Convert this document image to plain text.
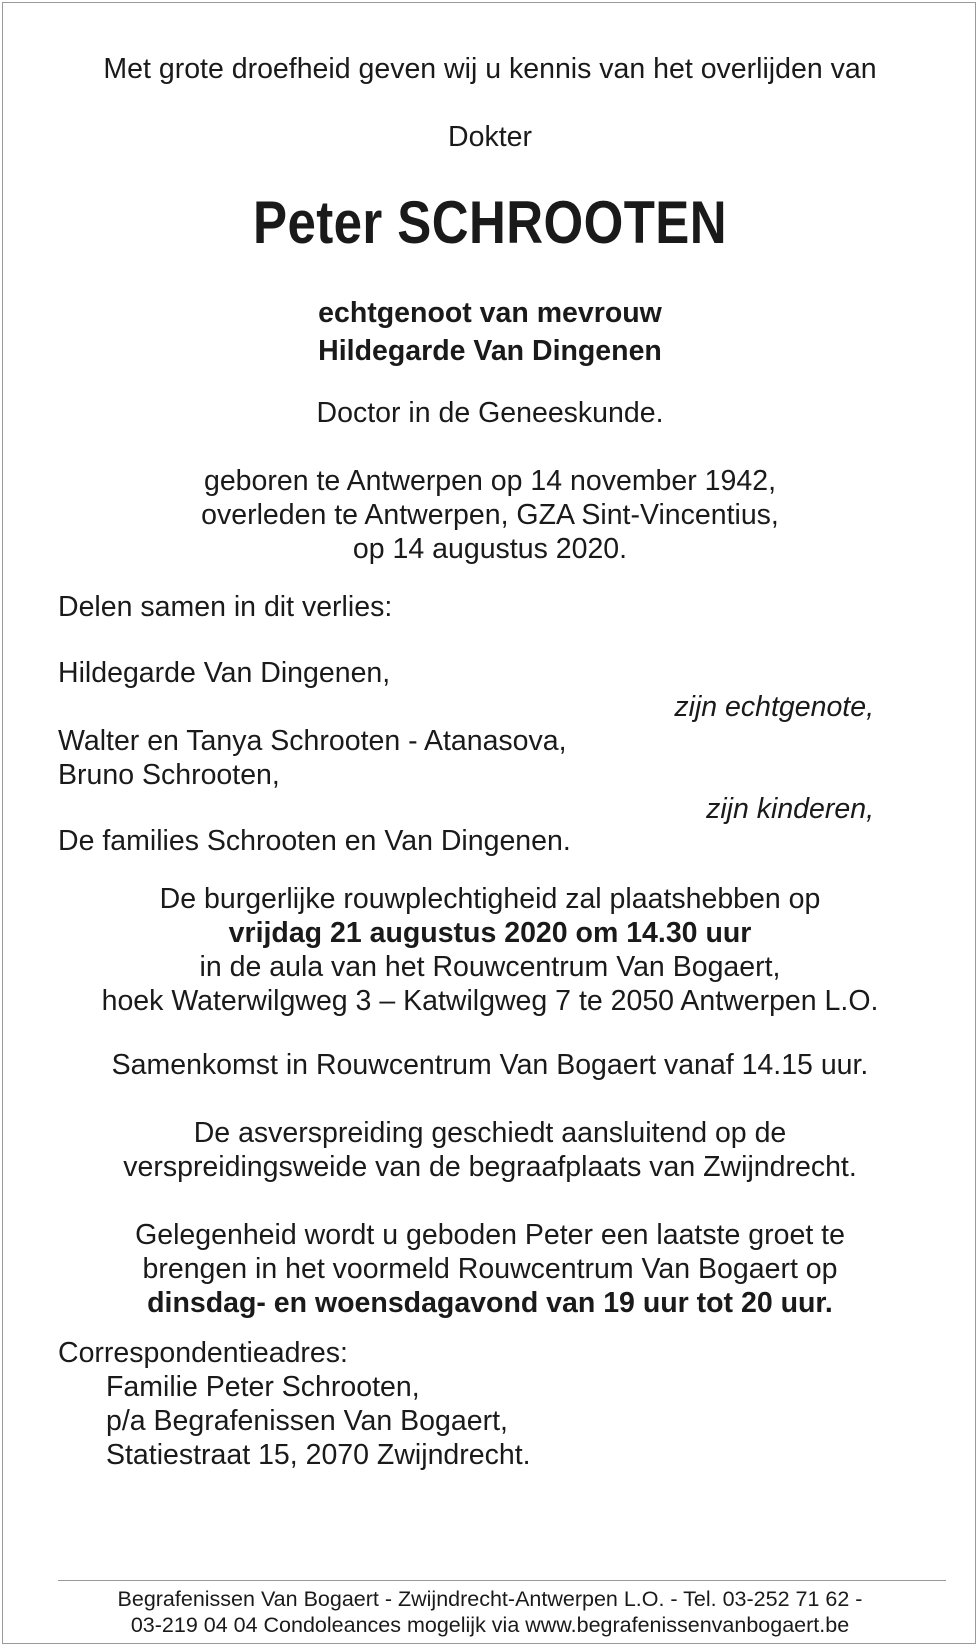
Met grote droefheid geven wij u kennis van het overlijden van
Dokter
Peter SCHROOTEN
echtgenoot van mevrouw
Hildegarde Van Dingenen
Doctor in de Geneeskunde.
geboren te Antwerpen op 14 november 1942,
overleden te Antwerpen, GZA Sint-Vincentius,
op 14 augustus 2020.
Delen samen in dit verlies:
Hildegarde Van Dingenen,
zijn echtgenote,
Walter en Tanya Schrooten - Atanasova,
Bruno Schrooten,
zijn kinderen,
De families Schrooten en Van Dingenen.
De burgerlijke rouwplechtigheid zal plaatshebben op
vrijdag 21 augustus 2020 om 14.30 uur
in de aula van het Rouwcentrum Van Bogaert,
hoek Waterwilgweg 3 – Katwilgweg 7 te 2050 Antwerpen L.O.
Samenkomst in Rouwcentrum Van Bogaert vanaf 14.15 uur.
De asverspreiding geschiedt aansluitend op de
verspreidingsweide van de begraafplaats van Zwijndrecht.
Gelegenheid wordt u geboden Peter een laatste groet te
brengen in het voormeld Rouwcentrum Van Bogaert op
dinsdag- en woensdagavond van 19 uur tot 20 uur.
Correspondentieadres:
Familie Peter Schrooten,
p/a Begrafenissen Van Bogaert,
Statiestraat 15, 2070 Zwijndrecht.
Begrafenissen Van Bogaert - Zwijndrecht-Antwerpen L.O. - Tel. 03-252 71 62 -
03-219 04 04 Condoleances mogelijk via www.begrafenissenvanbogaert.be
